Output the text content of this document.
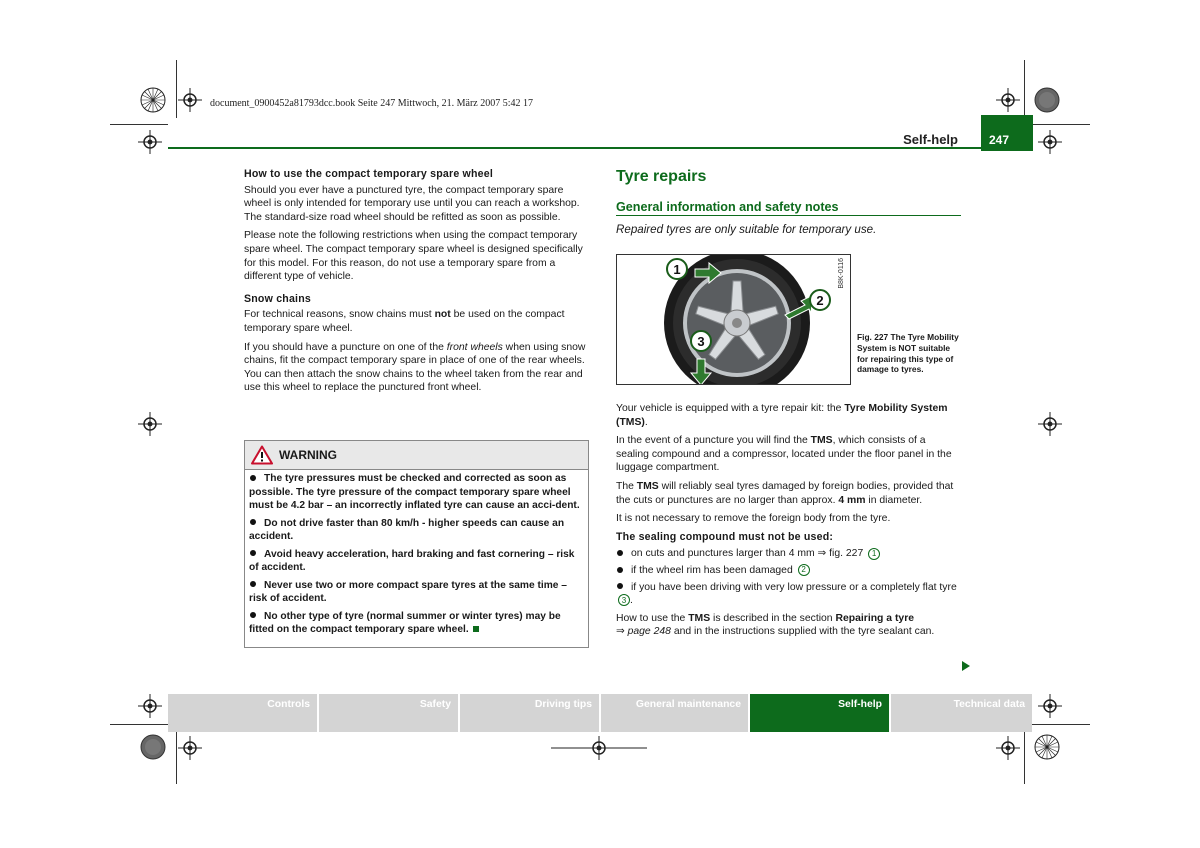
document_0900452a81793dcc.book Seite 247 Mittwoch, 21. März 2007 5:42 17
Self-help	247
How to use the compact temporary spare wheel

Should you ever have a punctured tyre, the compact temporary spare wheel is only intended for temporary use until you can reach a workshop. The standard-size road wheel should be refitted as soon as possible.

Please note the following restrictions when using the compact temporary spare wheel. The compact temporary spare wheel is designed specifically for this model. For this reason, do not use a temporary spare from a different type of vehicle.

Snow chains

For technical reasons, snow chains must not be used on the compact temporary spare wheel.

If you should have a puncture on one of the front wheels when using snow chains, fit the compact temporary spare in place of one of the rear wheels. You can then attach the snow chains to the wheel taken from the rear and use this wheel to replace the punctured front wheel.

WARNING
The tyre pressures must be checked and corrected as soon as possible. The tyre pressure of the compact temporary spare wheel must be 4.2 bar – an incorrectly inflated tyre can cause an acci-dent.
Do not drive faster than 80 km/h - higher speeds can cause an accident.
Avoid heavy acceleration, hard braking and fast cornering – risk of accident.
Never use two or more compact spare tyres at the same time – risk of accident.
No other type of tyre (normal summer or winter tyres) may be fitted on the compact temporary spare wheel.
Tyre repairs
General information and safety notes
Repaired tyres are only suitable for temporary use.
1
2
3
B8K-0116
Fig. 227 The Tyre Mobility System is NOT suitable for repairing this type of damage to tyres.

Your vehicle is equipped with a tyre repair kit: the Tyre Mobility System (TMS).

In the event of a puncture you will find the TMS, which consists of a sealing compound and a compressor, located under the floor panel in the luggage compartment.

The TMS will reliably seal tyres damaged by foreign bodies, provided that the cuts or punctures are no larger than approx. 4 mm in diameter.

It is not necessary to remove the foreign body from the tyre.

The sealing compound must not be used:
on cuts and punctures larger than 4 mm ⇒ fig. 227 1
if the wheel rim has been damaged 2
if you have been driving with very low pressure or a completely flat tyre 3 .

How to use the TMS is described in the section Repairing a tyre
⇒ page 248 and in the instructions supplied with the tyre sealant can.

Controls	Safety	Driving tips	General maintenance	Self-help	Technical data
